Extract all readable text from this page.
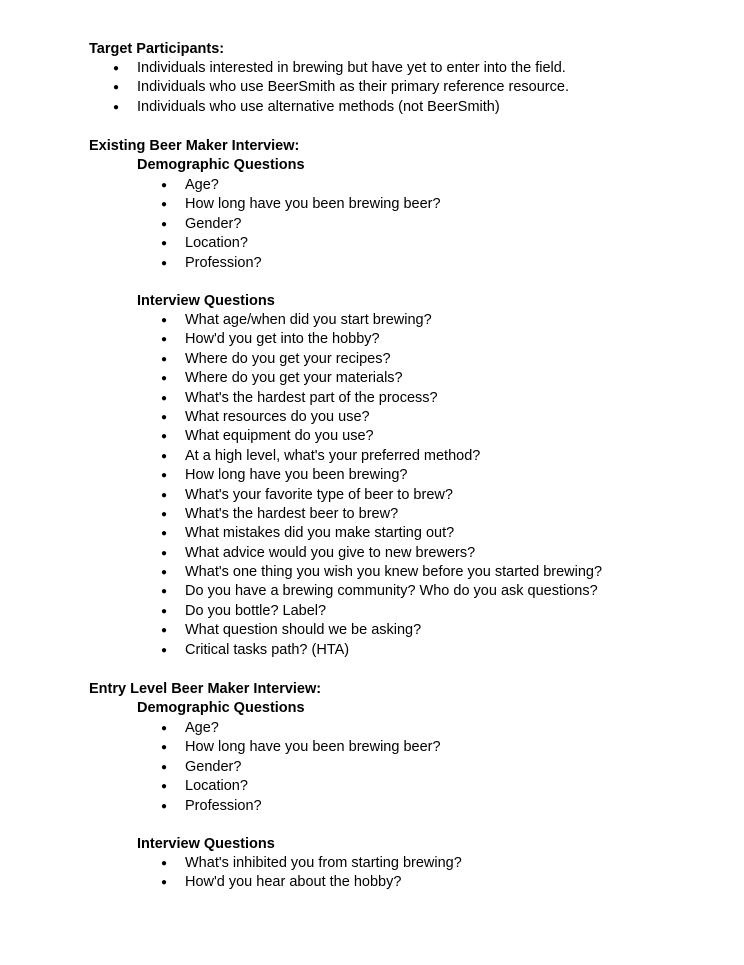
Target Participants:
●	Individuals interested in brewing but have yet to enter into the field.
●	Individuals who use BeerSmith as their primary reference resource.
●	Individuals who use alternative methods (not BeerSmith)
Existing Beer Maker Interview:
Demographic Questions
●	Age?
●	How long have you been brewing beer?
●	Gender?
●	Location?
●	Profession?
Interview Questions
●	What age/when did you start brewing?
●	How'd you get into the hobby?
●	Where do you get your recipes?
●	Where do you get your materials?
●	What's the hardest part of the process?
●	What resources do you use?
●	What equipment do you use?
●	At a high level, what's your preferred method?
●	How long have you been brewing?
●	What's your favorite type of beer to brew?
●	What's the hardest beer to brew?
●	What mistakes did you make starting out?
●	What advice would you give to new brewers?
●	What's one thing you wish you knew before you started brewing?
●	Do you have a brewing community? Who do you ask questions?
●	Do you bottle? Label?
●	What question should we be asking?
●	Critical tasks path? (HTA)
Entry Level Beer Maker Interview:
Demographic Questions
●	Age?
●	How long have you been brewing beer?
●	Gender?
●	Location?
●	Profession?
Interview Questions
●	What's inhibited you from starting brewing?
●	How'd you hear about the hobby?
